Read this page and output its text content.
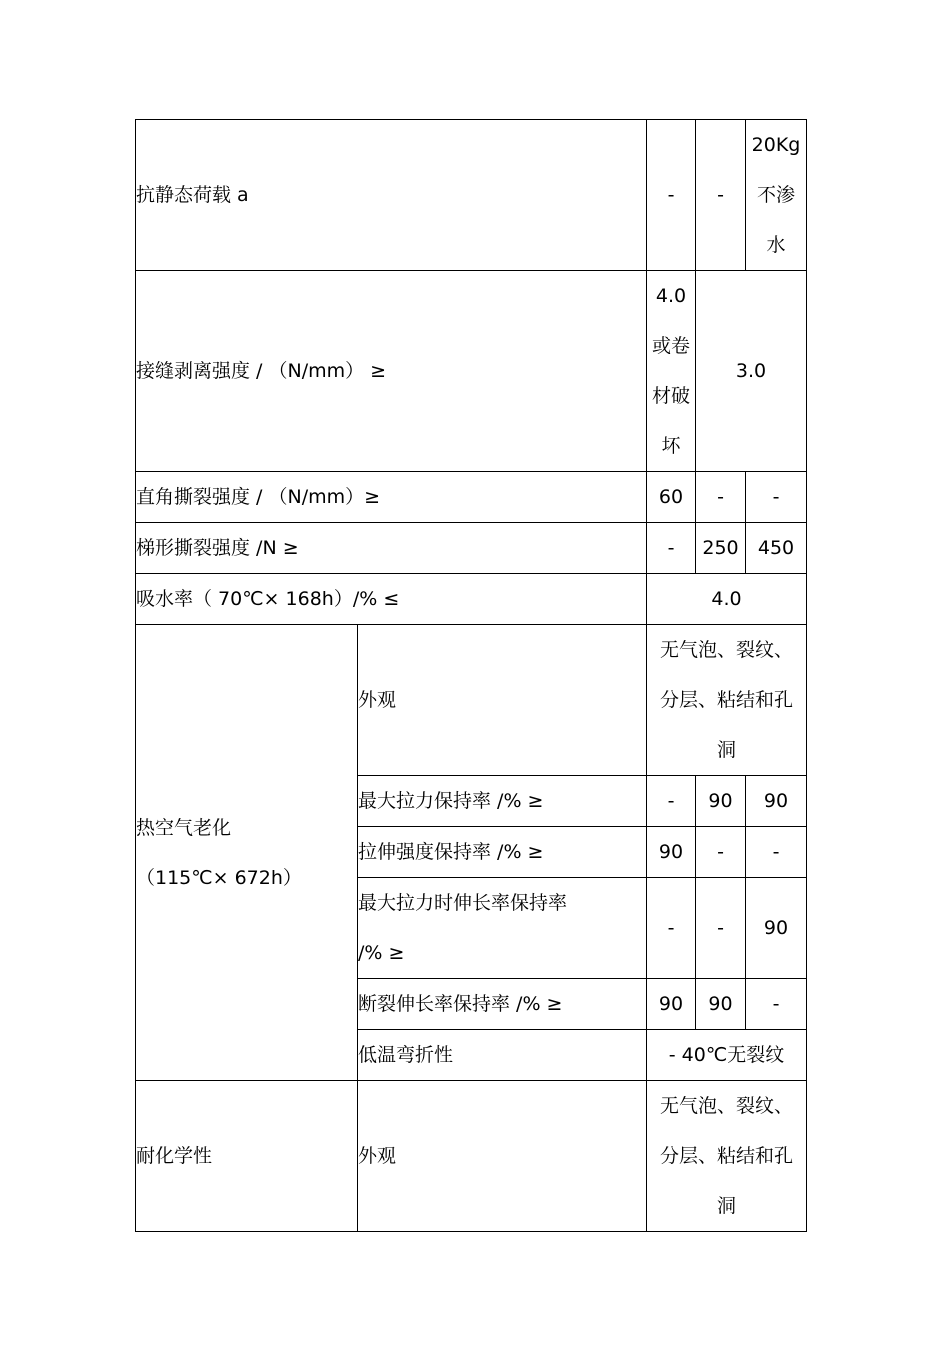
抗静态荷载 a		-	-	20Kg
不渗
水
接缝剥离强度 / （N/mm） ≥		4.0
或卷
材破
坏	3.0	
直角撕裂强度 / （N/mm）≥		60	-	-
梯形撕裂强度 /N ≥		-	250	450
吸水率（ 70℃× 168h）/% ≤		4.0		
热空气老化
（115℃× 672h）	外观	无气泡、裂纹、
分层、粘结和孔
洞		
	最大拉力保持率 /% ≥	-	90	90
	拉伸强度保持率 /% ≥	90	-	-
	最大拉力时伸长率保持率
/% ≥	-	-	90
	断裂伸长率保持率 /% ≥	90	90	-
	低温弯折性	- 40℃无裂纹		
耐化学性	外观	无气泡、裂纹、
分层、粘结和孔
洞		
